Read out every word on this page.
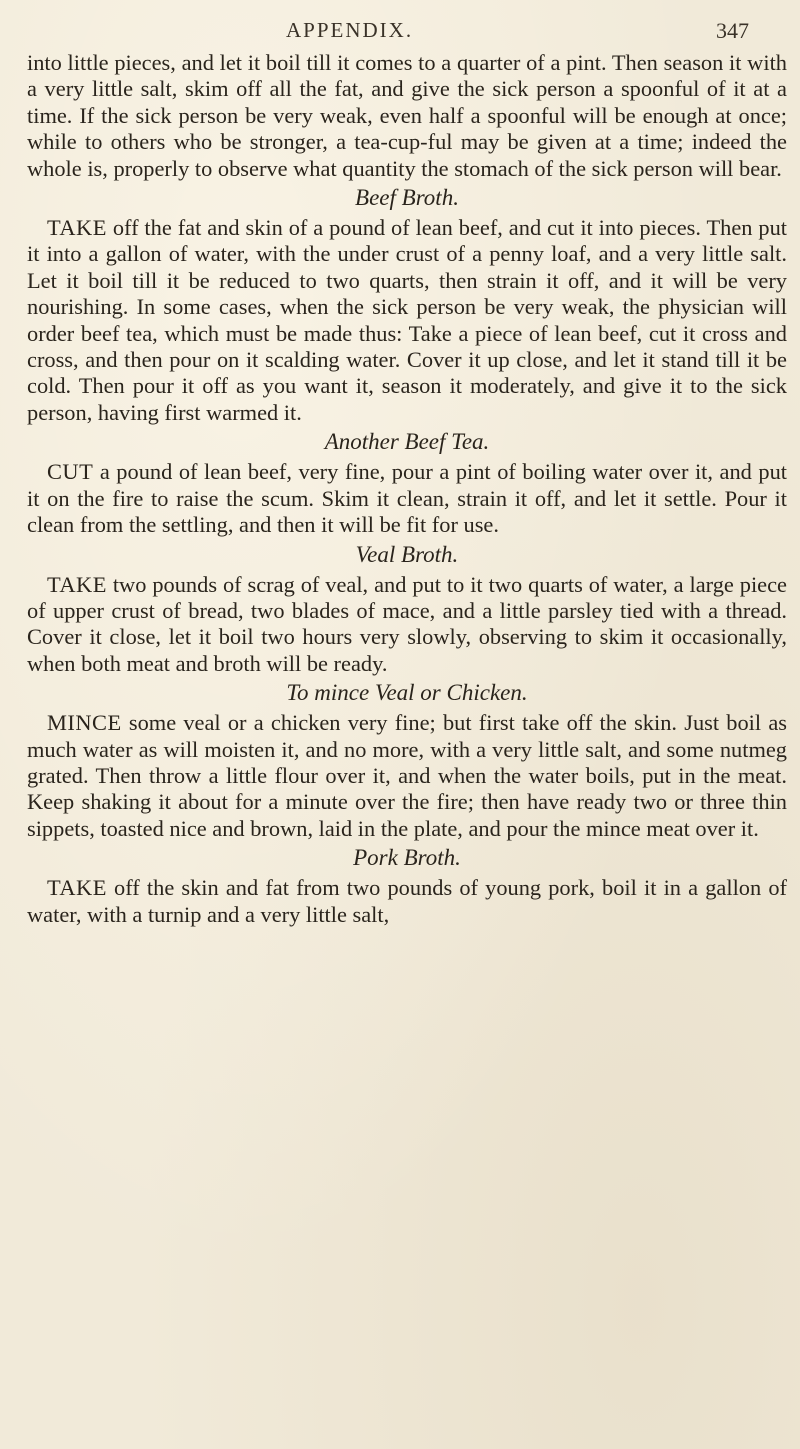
APPENDIX.	347

into little pieces, and let it boil till it comes to a quarter of a pint. Then season it with a very little salt, skim off all the fat, and give the sick person a spoonful of it at a time. If the sick person be very weak, even half a spoonful will be enough at once; while to others who be stronger, a tea-cup-ful may be given at a time; indeed the whole is, properly to observe what quantity the stomach of the sick person will bear.

Beef Broth.

TAKE off the fat and skin of a pound of lean beef, and cut it into pieces. Then put it into a gallon of water, with the under crust of a penny loaf, and a very little salt. Let it boil till it be reduced to two quarts, then strain it off, and it will be very nourishing. In some cases, when the sick person be very weak, the physician will order beef tea, which must be made thus: Take a piece of lean beef, cut it cross and cross, and then pour on it scalding water. Cover it up close, and let it stand till it be cold. Then pour it off as you want it, season it moderately, and give it to the sick person, having first warmed it.

Another Beef Tea.

CUT a pound of lean beef, very fine, pour a pint of boiling water over it, and put it on the fire to raise the scum. Skim it clean, strain it off, and let it settle. Pour it clean from the settling, and then it will be fit for use.

Veal Broth.

TAKE two pounds of scrag of veal, and put to it two quarts of water, a large piece of upper crust of bread, two blades of mace, and a little parsley tied with a thread. Cover it close, let it boil two hours very slowly, observing to skim it occasionally, when both meat and broth will be ready.

To mince Veal or Chicken.

MINCE some veal or a chicken very fine; but first take off the skin. Just boil as much water as will moisten it, and no more, with a very little salt, and some nutmeg grated. Then throw a little flour over it, and when the water boils, put in the meat. Keep shaking it about for a minute over the fire; then have ready two or three thin sippets, toasted nice and brown, laid in the plate, and pour the mince meat over it.

Pork Broth.

TAKE off the skin and fat from two pounds of young pork, boil it in a gallon of water, with a turnip and a very little salt,
